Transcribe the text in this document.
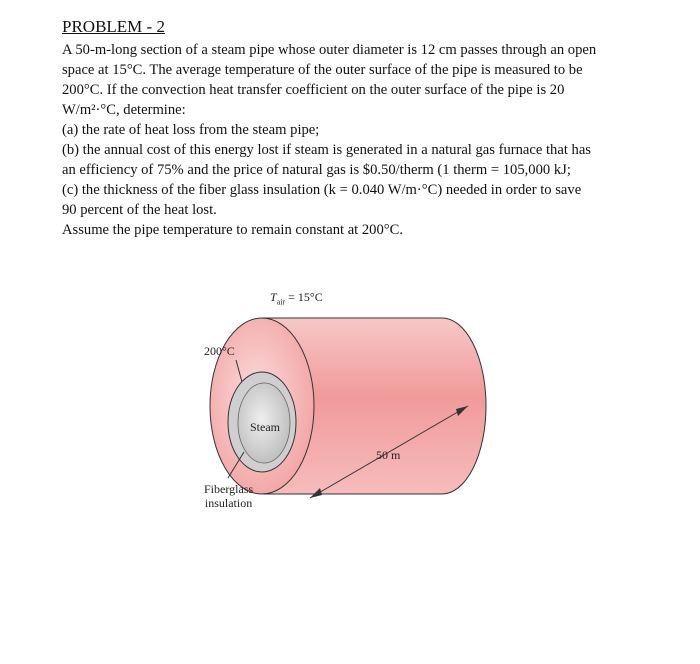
PROBLEM - 2

A 50-m-long section of a steam pipe whose outer diameter is 12 cm passes through an open

space at 15°C. The average temperature of the outer surface of the pipe is measured to be

200°C. If the convection heat transfer coefficient on the outer surface of the pipe is 20

W/m²·°C, determine:

(a) the rate of heat loss from the steam pipe;

(b) the annual cost of this energy lost if steam is generated in a natural gas furnace that has

an efficiency of 75% and the price of natural gas is $0.50/therm (1 therm = 105,000 kJ;

(c) the thickness of the fiber glass insulation (k = 0.040 W/m·°C) needed in order to save

90 percent of the heat lost.

Assume the pipe temperature to remain constant at 200°C.

$T_{air} = 15^\circ C$
200°C
Steam
Fiberglass
insulation
50 m
